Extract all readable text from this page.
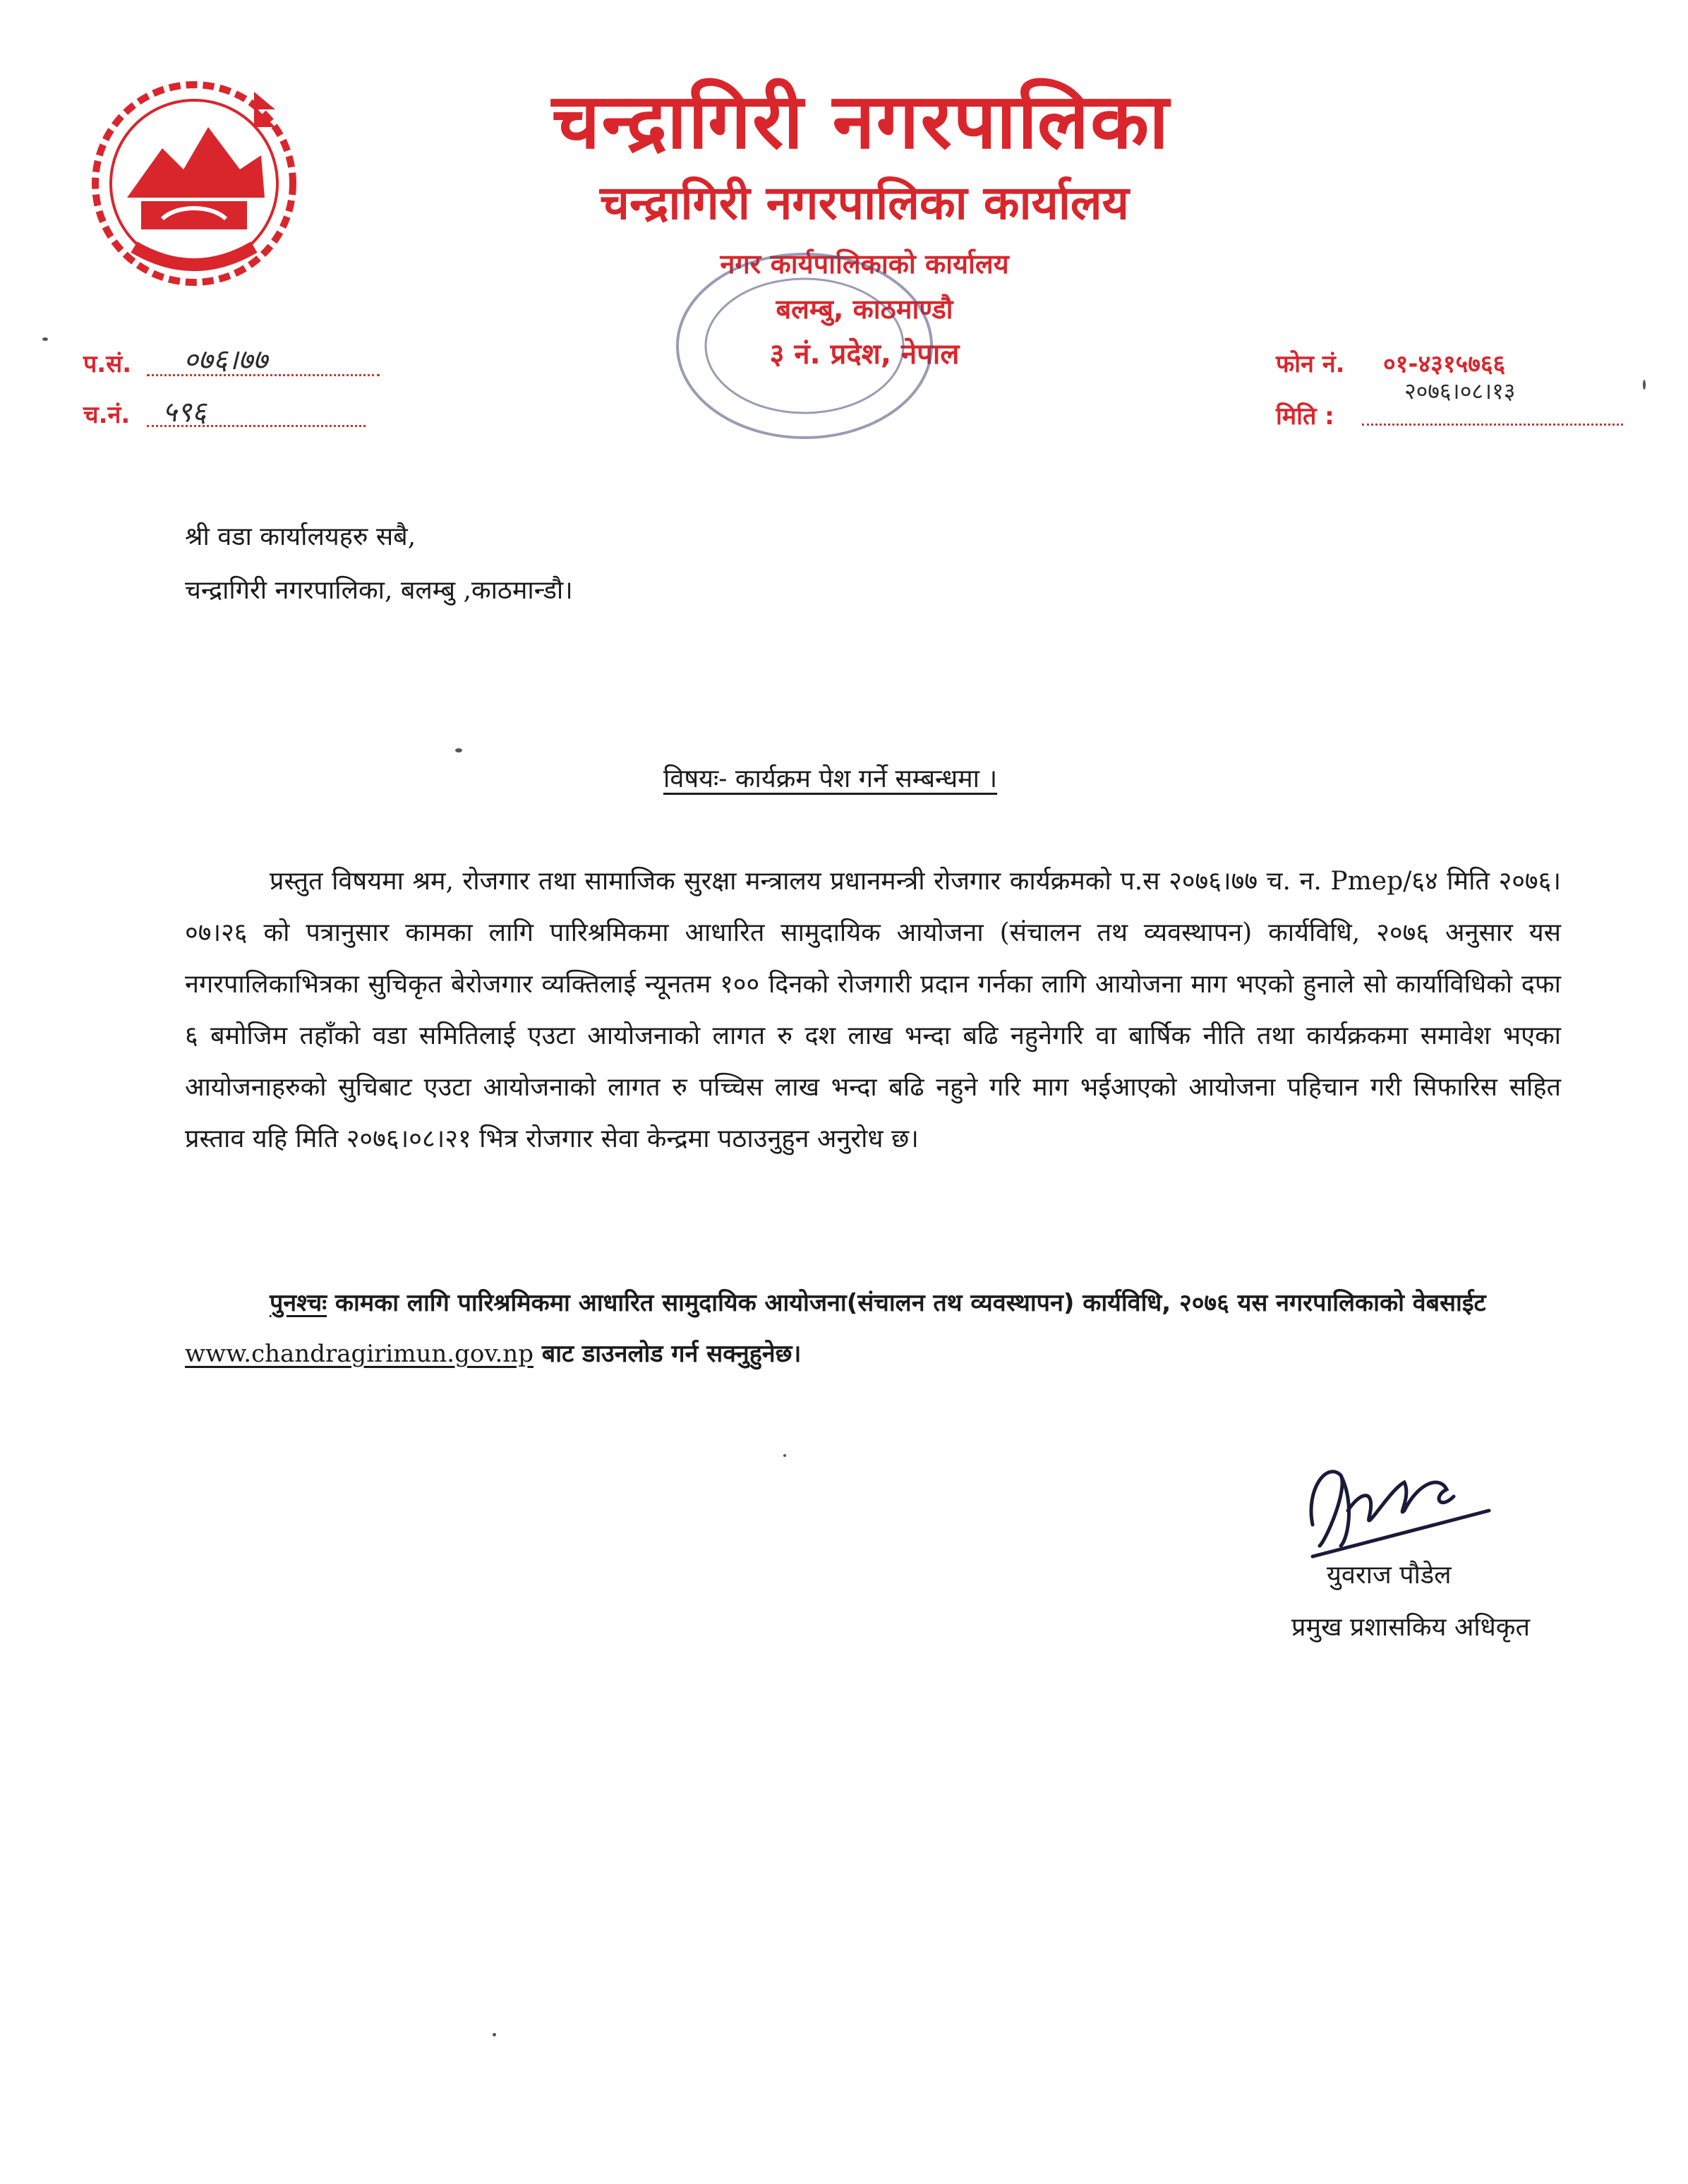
चन्द्रागिरी नगरपालिका
चन्द्रागिरी नगरपालिका कार्यालय
नगर कार्यपालिकाको कार्यालय
बलम्बु, काठमाण्डौ
३ नं. प्रदेश, नेपाल
प.सं. ०७६।७७
च.नं. ५९६
फोन नं. ०१-४३१५७६६
२०७६।०८।१३
मिति :
श्री वडा कार्यालयहरु सबै,
चन्द्रागिरी नगरपालिका, बलम्बु ,काठमान्डौ।
विषयः- कार्यक्रम पेश गर्ने सम्बन्धमा ।
प्रस्तुत विषयमा श्रम, रोजगार तथा सामाजिक सुरक्षा मन्त्रालय प्रधानमन्त्री रोजगार कार्यक्रमको प.स २०७६।७७ च. न. Pmep/६४ मिति २०७६।०७।२६ को पत्रानुसार कामका लागि पारिश्रमिकमा आधारित सामुदायिक आयोजना (संचालन तथ व्यवस्थापन) कार्यविधि, २०७६ अनुसार यस नगरपालिकाभित्रका सुचिकृत बेरोजगार व्यक्तिलाई न्यूनतम १०० दिनको रोजगारी प्रदान गर्नका लागि आयोजना माग भएको हुनाले सो कार्याविधिको दफा ६ बमोजिम तहाँको वडा समितिलाई एउटा आयोजनाको लागत रु दश लाख भन्दा बढि नहुनेगरि वा बार्षिक नीति तथा कार्यक्रकमा समावेश भएका आयोजनाहरुको सुचिबाट एउटा आयोजनाको लागत रु पच्चिस लाख भन्दा बढि नहुने गरि माग भईआएको आयोजना पहिचान गरी सिफारिस सहित प्रस्ताव यहि मिति २०७६।०८।२१ भित्र रोजगार सेवा केन्द्रमा पठाउनुहुन अनुरोध छ।
पुनश्चः कामका लागि पारिश्रमिकमा आधारित सामुदायिक आयोजना(संचालन तथ व्यवस्थापन) कार्यविधि, २०७६ यस नगरपालिकाको वेबसाईट www.chandragirimun.gov.np बाट डाउनलोड गर्न सक्नुहुनेछ।
युवराज पौडेल
प्रमुख प्रशासकिय अधिकृत
